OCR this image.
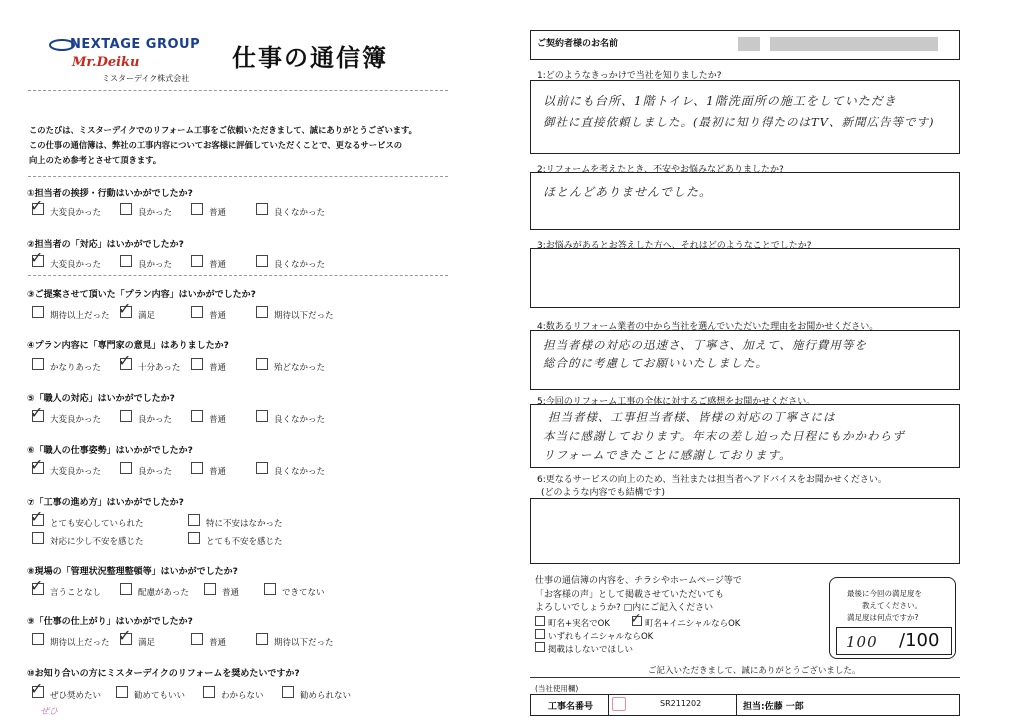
NEXTAGE GROUP
Mr.Deiku
ミスターデイク株式会社
仕事の通信簿
このたびは、ミスターデイクでのリフォーム工事をご依頼いただきまして、誠にありがとうございます。
この仕事の通信簿は、弊社の工事内容についてお客様に評価していただくことで、更なるサービスの
向上のため参考とさせて頂きます。
①担当者の挨拶・行動はいかがでしたか?
✓ 大変良かった	良かった	普通	良くなかった
②担当者の「対応」はいかがでしたか?
✓ 大変良かった	良かった	普通	良くなかった
③ご提案させて頂いた「プラン内容」はいかがでしたか?
期待以上だった ✓ 満足	普通	期待以下だった
④プラン内容に「専門家の意見」はありましたか?
かなりあった ✓ 十分あった	普通	殆どなかった
⑤「職人の対応」はいかがでしたか?
✓ 大変良かった	良かった	普通	良くなかった
⑥「職人の仕事姿勢」はいかがでしたか?
✓ 大変良かった	良かった	普通	良くなかった
⑦「工事の進め方」はいかがでしたか?
✓ とても安心していられた	特に不安はなかった
対応に少し不安を感じた	とても不安を感じた
⑧現場の「管理状況整理整頓等」はいかがでしたか?
✓ 言うことなし	配慮があった	普通	できてない
⑨「仕事の仕上がり」はいかがでしたか?
期待以上だった ✓ 満足	普通	期待以下だった
⑩お知り合いの方にミスターデイクのリフォームを奨めたいですか?
✓ ぜひ奨めたい	勧めてもいい	わからない	勧められない
ぜひ
ご契約者様のお名前
1:どのようなきっかけで当社を知りましたか?
以前にも台所、1階トイレ、1階洗面所の施工をしていただき
御社に直接依頼しました。(最初に知り得たのはTV、新聞広告等です)
2:リフォームを考えたとき、不安やお悩みなどありましたか?
ほとんどありませんでした。
3:お悩みがあるとお答えした方へ、それはどのようなことでしたか?
4:数あるリフォーム業者の中から当社を選んでいただいた理由をお聞かせください。
担当者様の対応の迅速さ、丁寧さ、加えて、施行費用等を
総合的に考慮してお願いいたしました。
5:今回のリフォーム工事の全体に対するご感想をお聞かせください。
担当者様、工事担当者様、皆様の対応の丁寧さには
本当に感謝しております。年末の差し迫った日程にもかかわらず
リフォームできたことに感謝しております。
6:更なるサービスの向上のため、当社または担当者へアドバイスをお聞かせください。
(どのような内容でも結構です)
仕事の通信簿の内容を、チラシやホームページ等で
「お客様の声」として掲載させていただいても
よろしいでしょうか? □内にご記入ください
町名+実名でOK ✓ 町名+イニシャルならOK
いずれもイニシャルならOK
掲載はしないでほしい
最後に今回の満足度を
教えてください。
満足度は何点ですか?
100 /100
ご記入いただきまして、誠にありがとうございました。
(当社使用欄)
工事名番号	SR211202	担当:佐藤 一郎
